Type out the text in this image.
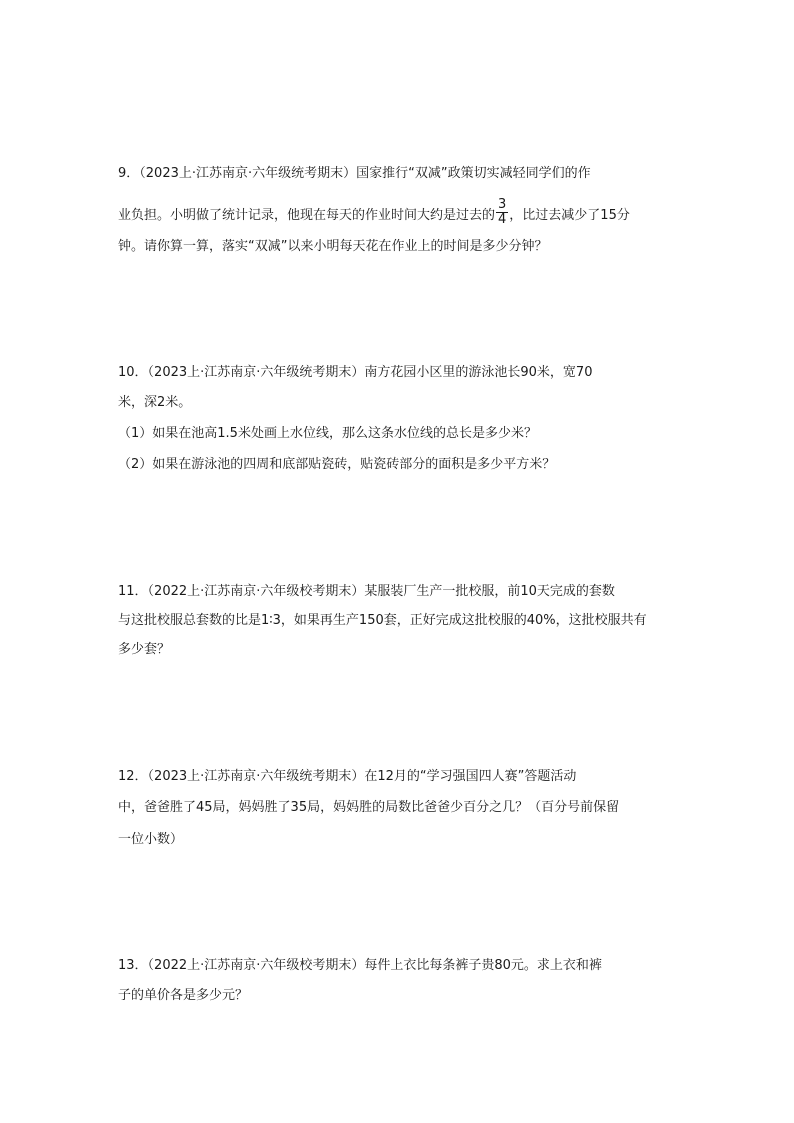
9．（2023上·江苏南京·六年级统考期末）国家推行“双减”政策切实减轻同学们的作
业负担。小明做了统计记录，他现在每天的作业时间大约是过去的 $\frac{3}{4}$ ，比过去减少了15分
钟。请你算一算，落实“双减”以来小明每天花在作业上的时间是多少分钟？
10．（2023上·江苏南京·六年级统考期末）南方花园小区里的游泳池长90米，宽70
米，深2米。
（1）如果在池高1.5米处画上水位线，那么这条水位线的总长是多少米？
（2）如果在游泳池的四周和底部贴瓷砖，贴瓷砖部分的面积是多少平方米？
11．（2022上·江苏南京·六年级校考期末）某服装厂生产一批校服，前10天完成的套数
与这批校服总套数的比是1∶3，如果再生产150套，正好完成这批校服的40%，这批校服共有
多少套？
12．（2023上·江苏南京·六年级统考期末）在12月的“学习强国四人赛”答题活动
中，爸爸胜了45局，妈妈胜了35局，妈妈胜的局数比爸爸少百分之几？（百分号前保留
一位小数）
13．（2022上·江苏南京·六年级校考期末）每件上衣比每条裤子贵80元。求上衣和裤
子的单价各是多少元？
